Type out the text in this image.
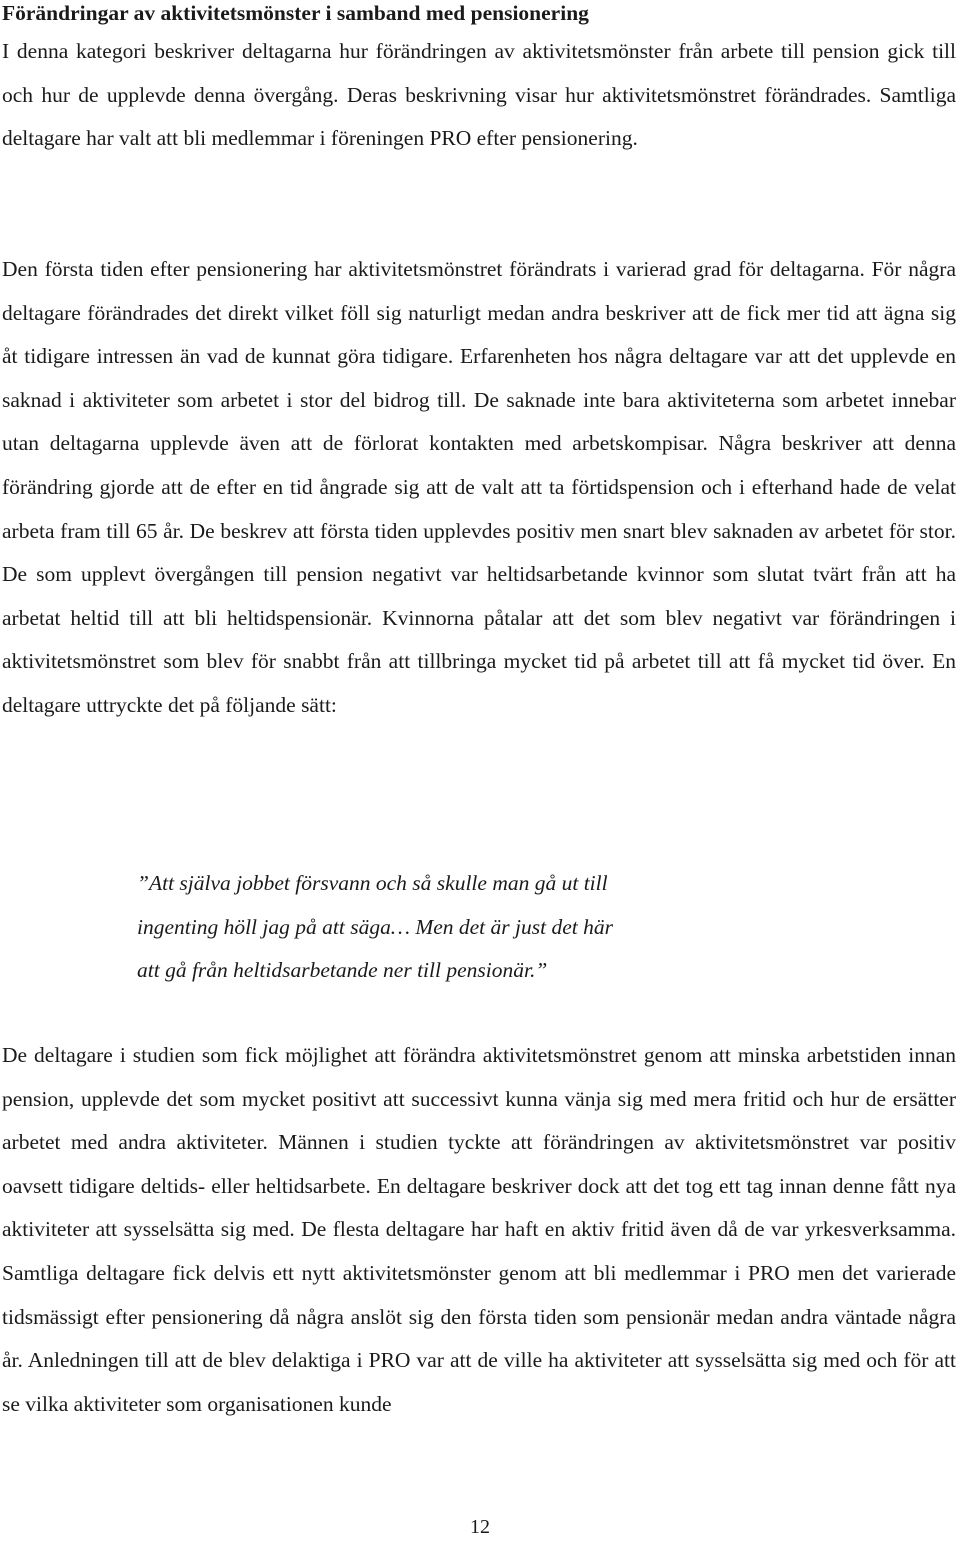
Förändringar av aktivitetsmönster i samband med pensionering

I denna kategori beskriver deltagarna hur förändringen av aktivitetsmönster från arbete till pension gick till och hur de upplevde denna övergång. Deras beskrivning visar hur aktivitetsmönstret förändrades. Samtliga deltagare har valt att bli medlemmar i föreningen PRO efter pensionering.

Den första tiden efter pensionering har aktivitetsmönstret förändrats i varierad grad för deltagarna. För några deltagare förändrades det direkt vilket föll sig naturligt medan andra beskriver att de fick mer tid att ägna sig åt tidigare intressen än vad de kunnat göra tidigare. Erfarenheten hos några deltagare var att det upplevde en saknad i aktiviteter som arbetet i stor del bidrog till. De saknade inte bara aktiviteterna som arbetet innebar utan deltagarna upplevde även att de förlorat kontakten med arbetskompisar. Några beskriver att denna förändring gjorde att de efter en tid ångrade sig att de valt att ta förtidspension och i efterhand hade de velat arbeta fram till 65 år. De beskrev att första tiden upplevdes positiv men snart blev saknaden av arbetet för stor. De som upplevt övergången till pension negativt var heltidsarbetande kvinnor som slutat tvärt från att ha arbetat heltid till att bli heltidspensionär. Kvinnorna påtalar att det som blev negativt var förändringen i aktivitetsmönstret som blev för snabbt från att tillbringa mycket tid på arbetet till att få mycket tid över. En deltagare uttryckte det på följande sätt:

”Att själva jobbet försvann och så skulle man gå ut till
ingenting höll jag på att säga… Men det är just det här
att gå från heltidsarbetande ner till pensionär.”

De deltagare i studien som fick möjlighet att förändra aktivitetsmönstret genom att minska arbetstiden innan pension, upplevde det som mycket positivt att successivt kunna vänja sig med mera fritid och hur de ersätter arbetet med andra aktiviteter. Männen i studien tyckte att förändringen av aktivitetsmönstret var positiv oavsett tidigare deltids- eller heltidsarbete. En deltagare beskriver dock att det tog ett tag innan denne fått nya aktiviteter att sysselsätta sig med. De flesta deltagare har haft en aktiv fritid även då de var yrkesverksamma. Samtliga deltagare fick delvis ett nytt aktivitetsmönster genom att bli medlemmar i PRO men det varierade tidsmässigt efter pensionering då några anslöt sig den första tiden som pensionär medan andra väntade några år. Anledningen till att de blev delaktiga i PRO var att de ville ha aktiviteter att sysselsätta sig med och för att se vilka aktiviteter som organisationen kunde

12
